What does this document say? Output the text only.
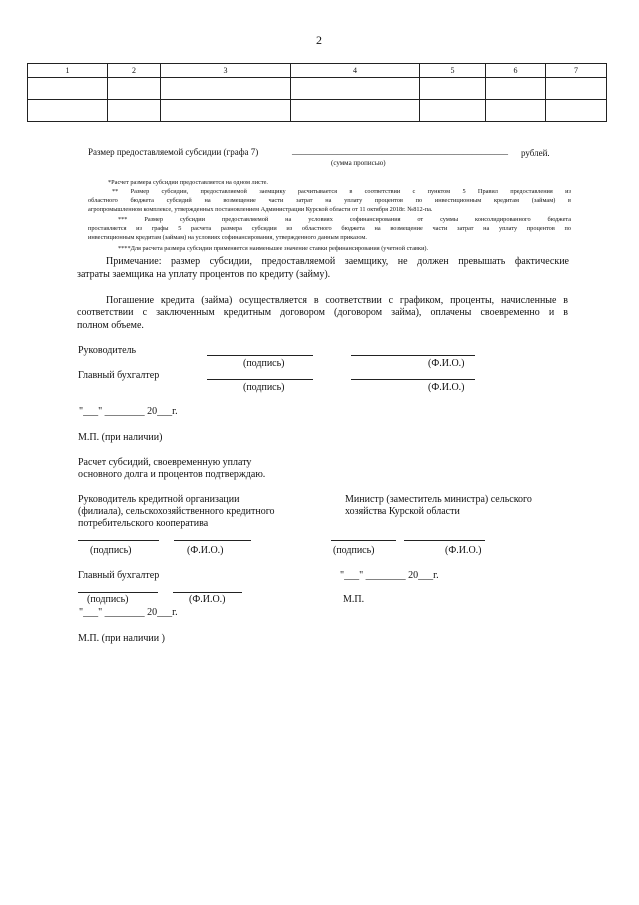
2
1	2	3	4	5	6	7

Размер предоставляемой субсидии (графа 7)	________________________________________________ рублей.
(сумма прописью)
*Расчет размера субсидии предоставляется на одном листе.
** Размер субсидии, предоставляемой заемщику расчитывается в соответствии с пунктом 5 Правил предоставления из
областного бюджета субсидий на возмещение части затрат на уплату процентов по инвестиционным кредитам (займам) в
агропромышленном комплексе, утвержденных постановлением Администрации Курской области от 11 октября 2018г. №812-па.
*** Размер субсидии предоставляемой на условиях софинансирования от суммы консолидированного бюджета
проставляется из графы 5 расчета размера субсидии из областного бюджета на возмещение части затрат на уплату процентов по
инвестиционным кредитам (займам) на условиях софинансирования, утвержденного данным приказом.
****Для расчета размера субсидии применяется наименьшее значение ставки рефинансирования (учетной ставки).
Примечание: размер субсидии, предоставляемой заемщику, не должен превышать фактические
затраты заемщика на уплату процентов по кредиту (займу).
Погашение кредита (займа) осуществляется в соответствии с графиком, проценты, начисленные в
соответствии с заключенным кредитным договором (договором займа), оплачены своевременно и в
полном объеме.
Руководитель
(подпись)	(Ф.И.О.)
Главный бухгалтер
(подпись)	(Ф.И.О.)
"___" ________ 20___г.
М.П. (при наличии)
Расчет субсидий, своевременную уплату
основного долга и процентов подтверждаю.
Руководитель кредитной организации
(филиала), сельскохозяйственного кредитного
потребительского кооператива
(подпись)	(Ф.И.О.)
Министр (заместитель министра) сельского
хозяйства Курской области
(подпись)	(Ф.И.О.)
Главный бухгалтер	"___" ________ 20___г.
(подпись)	(Ф.И.О.)	М.П.
"___" ________ 20___г.
М.П. (при наличии )
